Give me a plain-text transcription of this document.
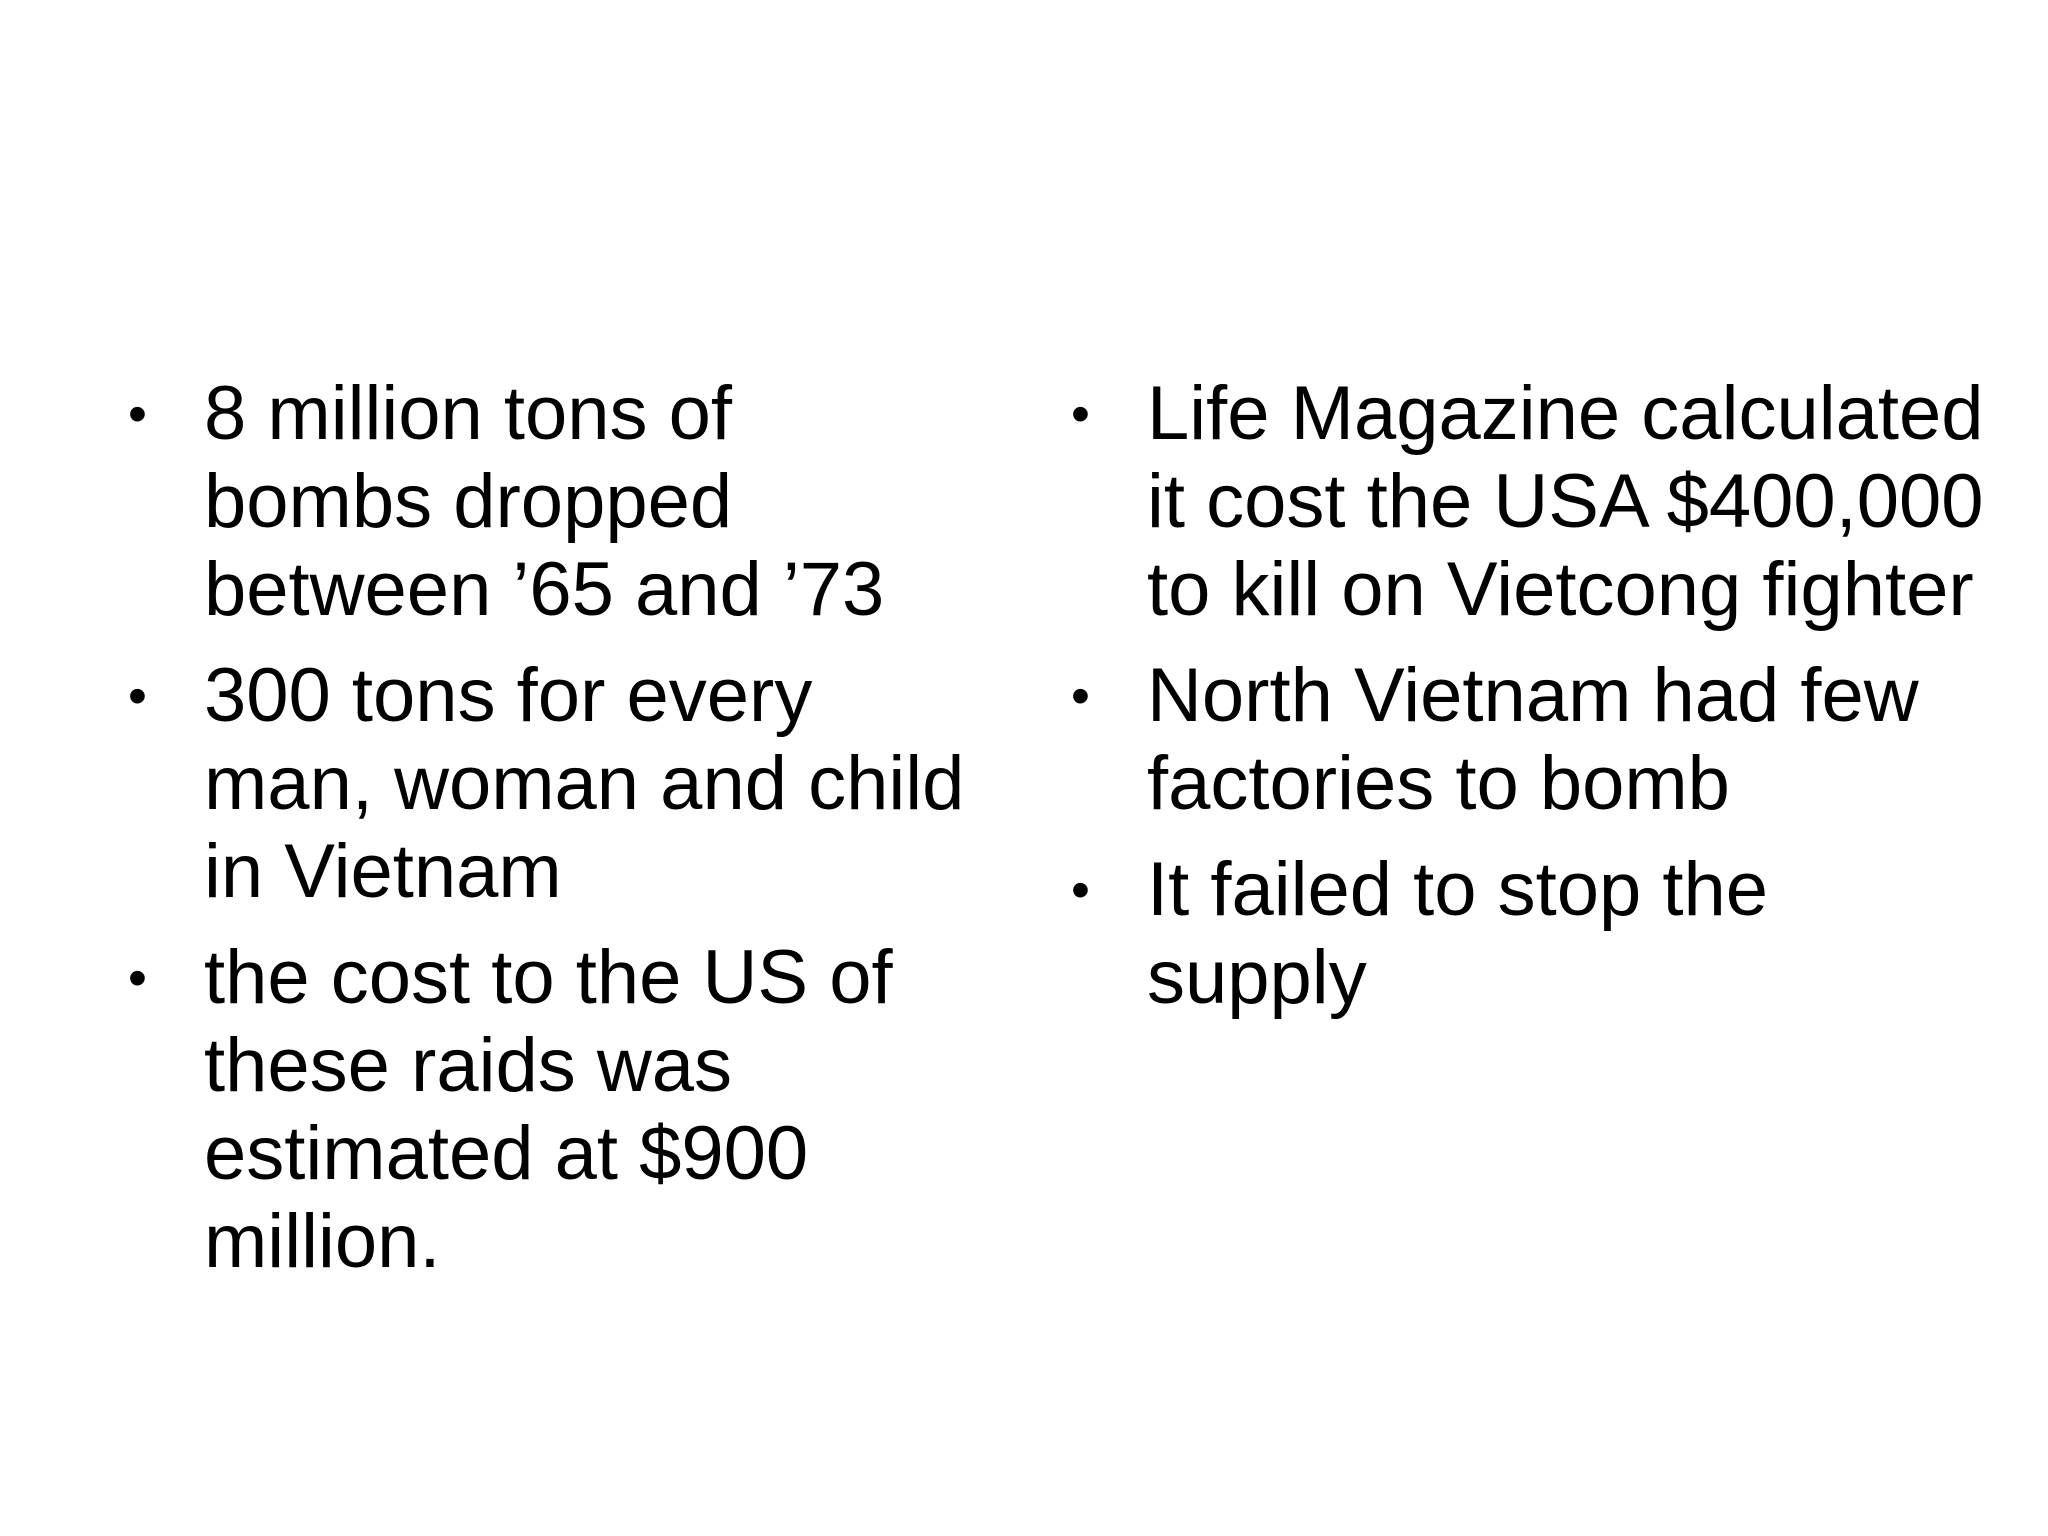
• 8 million tons of bombs dropped between ’65 and ’73
• 300 tons for every man, woman and child in Vietnam
• the cost to the US of these raids was estimated at $900 million.
• Life Magazine calculated it cost the USA $400,000 to kill on Vietcong fighter
• North Vietnam had few factories to bomb
• It failed to stop the supply
